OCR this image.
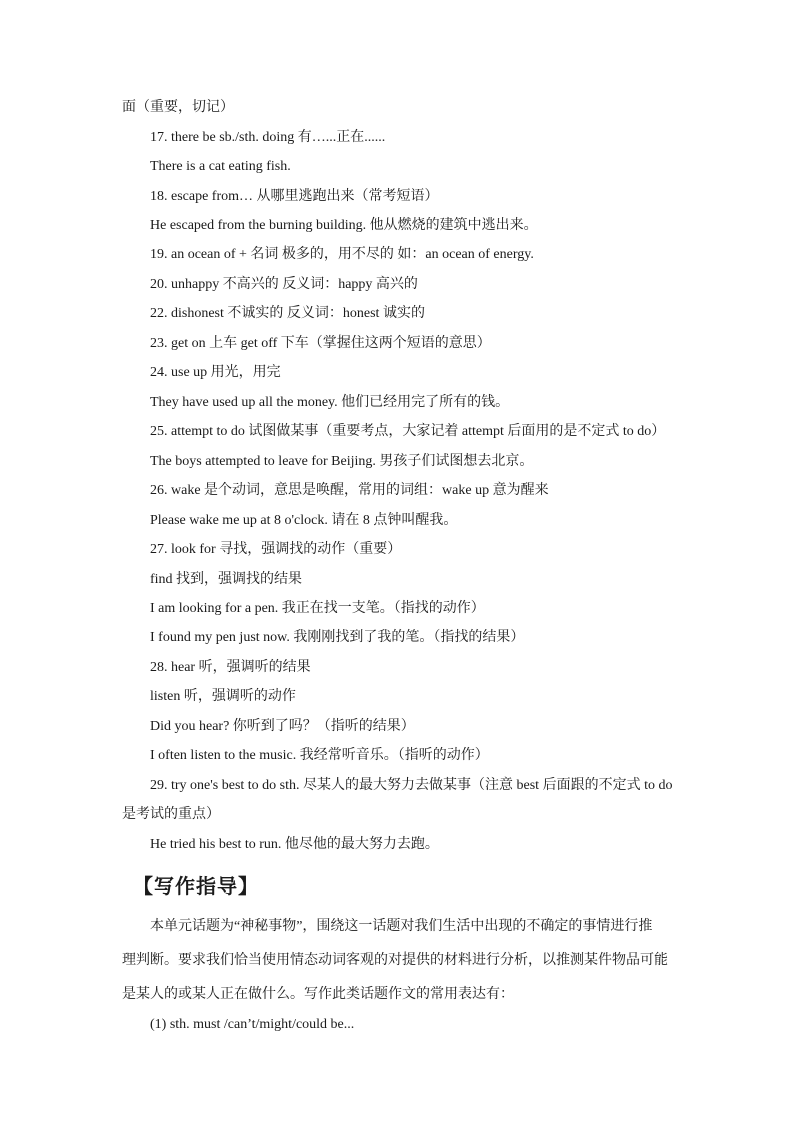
面（重要，切记）
17. there be sb./sth. doing 有…...正在......
There is a cat eating fish.
18. escape from… 从哪里逃跑出来（常考短语）
He escaped from the burning building. 他从燃烧的建筑中逃出来。
19. an ocean of + 名词 极多的，用不尽的 如：an ocean of energy.
20. unhappy 不高兴的 反义词：happy 高兴的
22. dishonest 不诚实的 反义词：honest 诚实的
23. get on 上车 get off 下车（掌握住这两个短语的意思）
24. use up 用光，用完
They have used up all the money. 他们已经用完了所有的钱。
25. attempt to do 试图做某事（重要考点，大家记着 attempt 后面用的是不定式 to do）
The boys attempted to leave for Beijing. 男孩子们试图想去北京。
26. wake 是个动词，意思是唤醒，常用的词组：wake up 意为醒来
Please wake me up at 8 o'clock. 请在 8 点钟叫醒我。
27. look for 寻找，强调找的动作（重要）
find 找到，强调找的结果
I am looking for a pen. 我正在找一支笔。（指找的动作）
I found my pen just now. 我刚刚找到了我的笔。（指找的结果）
28. hear 听，强调听的结果
listen 听，强调听的动作
Did you hear? 你听到了吗？（指听的结果）
I often listen to the music. 我经常听音乐。（指听的动作）
29. try one's best to do sth. 尽某人的最大努力去做某事（注意 best 后面跟的不定式 to do
是考试的重点）
He tried his best to run. 他尽他的最大努力去跑。
【写作指导】
本单元话题为“神秘事物”，围绕这一话题对我们生活中出现的不确定的事情进行推
理判断。要求我们恰当使用情态动词客观的对提供的材料进行分析，以推测某件物品可能
是某人的或某人正在做什么。写作此类话题作文的常用表达有：
(1) sth. must /can’t/might/could be...
